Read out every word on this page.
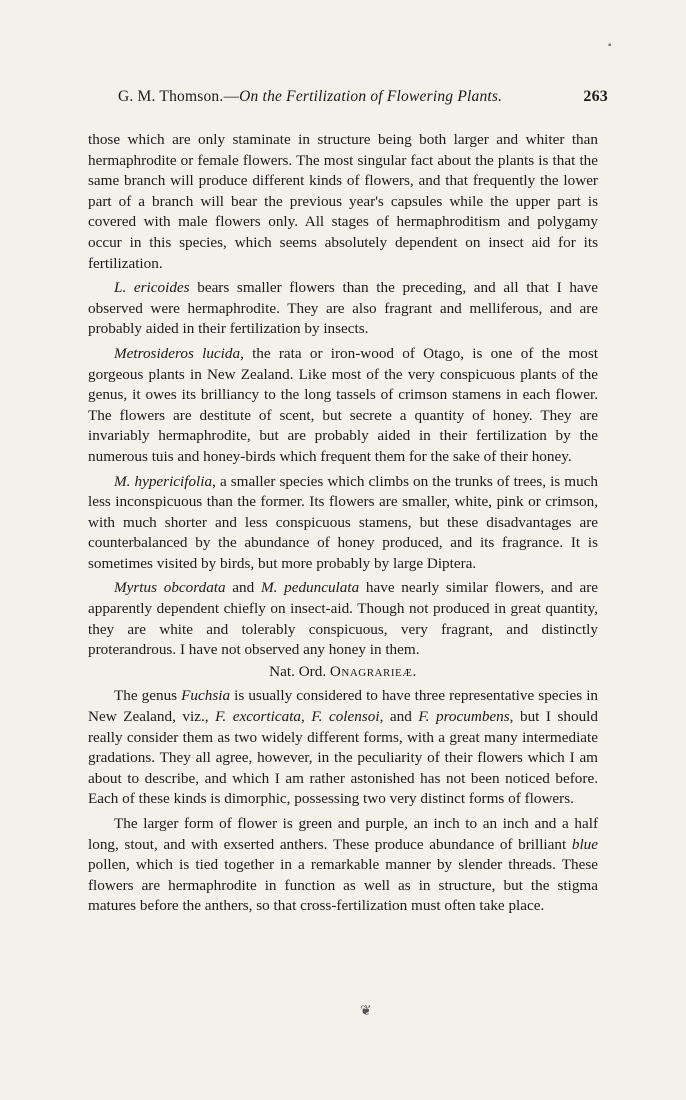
G. M. Thomson.—On the Fertilization of Flowering Plants.	263

those which are only staminate in structure being both larger and whiter than hermaphrodite or female flowers. The most singular fact about the plants is that the same branch will produce different kinds of flowers, and that frequently the lower part of a branch will bear the previous year's capsules while the upper part is covered with male flowers only. All stages of hermaphroditism and polygamy occur in this species, which seems absolutely dependent on insect aid for its fertilization.

L. ericoides bears smaller flowers than the preceding, and all that I have observed were hermaphrodite. They are also fragrant and melliferous, and are probably aided in their fertilization by insects.

Metrosideros lucida, the rata or iron-wood of Otago, is one of the most gorgeous plants in New Zealand. Like most of the very conspicuous plants of the genus, it owes its brilliancy to the long tassels of crimson stamens in each flower. The flowers are destitute of scent, but secrete a quantity of honey. They are invariably hermaphrodite, but are probably aided in their fertilization by the numerous tuis and honey-birds which frequent them for the sake of their honey.

M. hypericifolia, a smaller species which climbs on the trunks of trees, is much less inconspicuous than the former. Its flowers are smaller, white, pink or crimson, with much shorter and less conspicuous stamens, but these disadvantages are counterbalanced by the abundance of honey produced, and its fragrance. It is sometimes visited by birds, but more probably by large Diptera.

Myrtus obcordata and M. pedunculata have nearly similar flowers, and are apparently dependent chiefly on insect-aid. Though not produced in great quantity, they are white and tolerably conspicuous, very fragrant, and distinctly proterandrous. I have not observed any honey in them.

Nat. Ord. Onagrarieæ.

The genus Fuchsia is usually considered to have three representative species in New Zealand, viz., F. excorticata, F. colensoi, and F. procumbens, but I should really consider them as two widely different forms, with a great many intermediate gradations. They all agree, however, in the peculiarity of their flowers which I am about to describe, and which I am rather astonished has not been noticed before. Each of these kinds is dimorphic, possessing two very distinct forms of flowers.

The larger form of flower is green and purple, an inch to an inch and a half long, stout, and with exserted anthers. These produce abundance of brilliant blue pollen, which is tied together in a remarkable manner by slender threads. These flowers are hermaphrodite in function as well as in structure, but the stigma matures before the anthers, so that cross-fertilization must often take place.

❦
▪
